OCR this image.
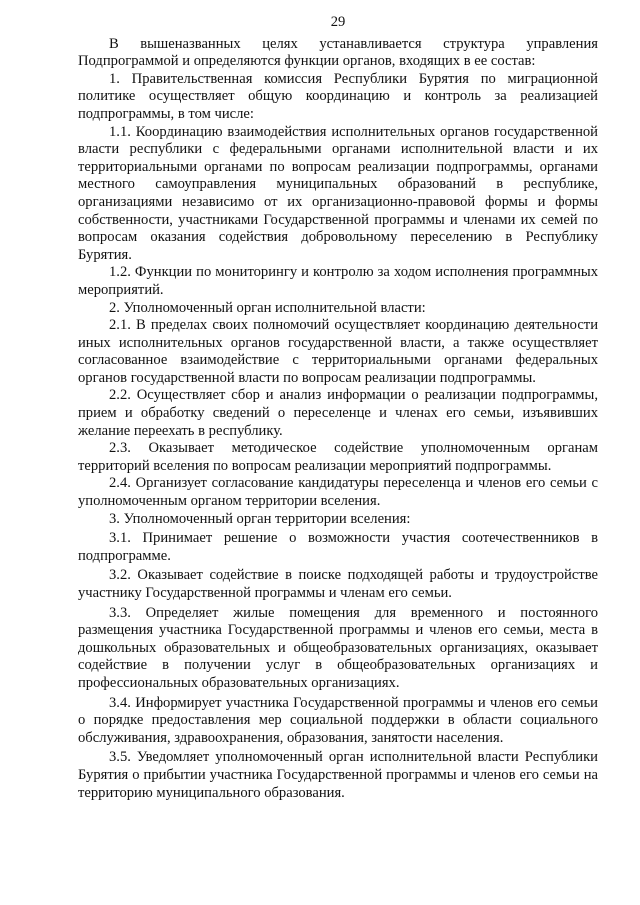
29

В вышеназванных целях устанавливается структура управления Подпрограммой и определяются функции органов, входящих в ее состав:

1. Правительственная комиссия Республики Бурятия по миграционной политике осуществляет общую координацию и контроль за реализацией подпрограммы, в том числе:

1.1. Координацию взаимодействия исполнительных органов государственной власти республики с федеральными органами исполнительной власти и их территориальными органами по вопросам реализации подпрограммы, органами местного самоуправления муниципальных образований в республике, организациями независимо от их организационно-правовой формы и формы собственности, участниками Государственной программы и членами их семей по вопросам оказания содействия добровольному переселению в Республику Бурятия.

1.2. Функции по мониторингу и контролю за ходом исполнения программных мероприятий.

2. Уполномоченный орган исполнительной власти:

2.1. В пределах своих полномочий осуществляет координацию деятельности иных исполнительных органов государственной власти, а также осуществляет согласованное взаимодействие с территориальными органами федеральных органов государственной власти по вопросам реализации подпрограммы.

2.2. Осуществляет сбор и анализ информации о реализации подпрограммы, прием и обработку сведений о переселенце и членах его семьи, изъявивших желание переехать в республику.

2.3. Оказывает методическое содействие уполномоченным органам территорий вселения по вопросам реализации мероприятий подпрограммы.

2.4. Организует согласование кандидатуры переселенца и членов его семьи с уполномоченным органом территории вселения.

3. Уполномоченный орган территории вселения:

3.1. Принимает решение о возможности участия соотечественников в подпрограмме.

3.2. Оказывает содействие в поиске подходящей работы и трудоустройстве участнику Государственной программы и членам его семьи.

3.3. Определяет жилые помещения для временного и постоянного размещения участника Государственной программы и членов его семьи, места в дошкольных образовательных и общеобразовательных организациях, оказывает содействие в получении услуг в общеобразовательных организациях и профессиональных образовательных организациях.

3.4. Информирует участника Государственной программы и членов его семьи о порядке предоставления мер социальной поддержки в области социального обслуживания, здравоохранения, образования, занятости населения.

3.5. Уведомляет уполномоченный орган исполнительной власти Республики Бурятия о прибытии участника Государственной программы и членов его семьи на территорию муниципального образования.
